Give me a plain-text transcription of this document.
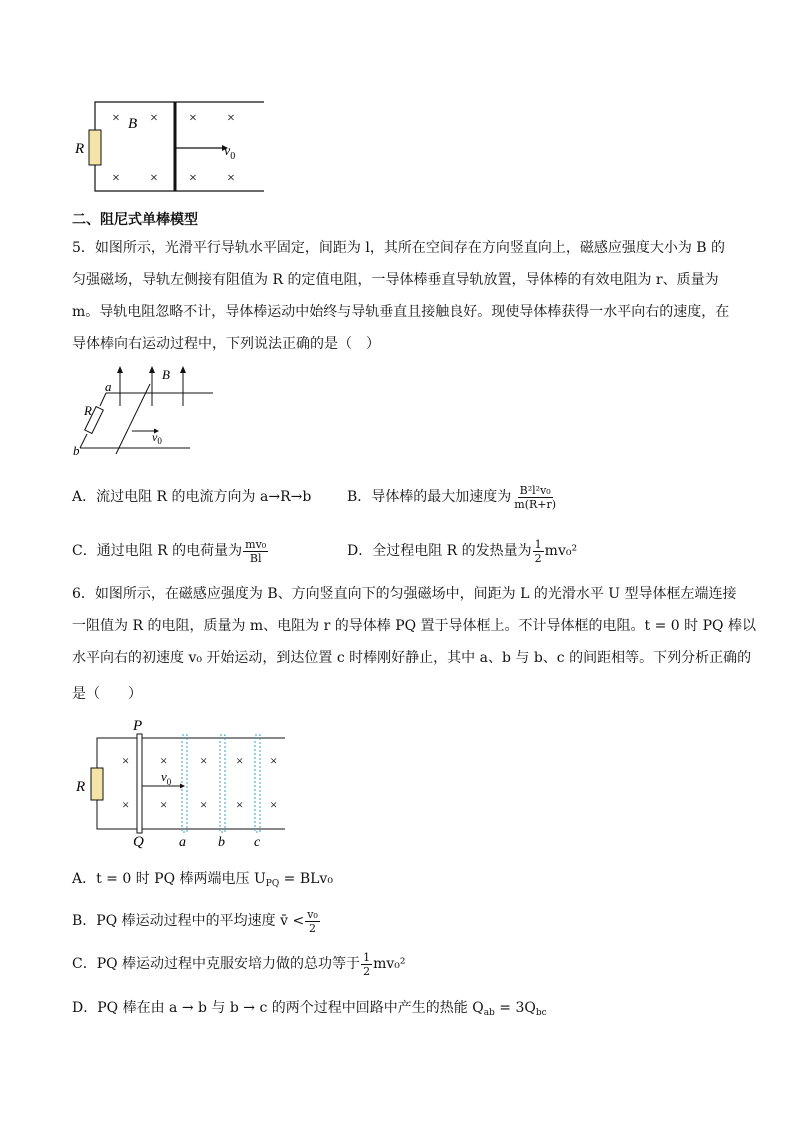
R
B
$v_0$
× × × ×
× × × ×
二、阻尼式单棒模型
5．如图所示，光滑平行导轨水平固定，间距为 l，其所在空间存在方向竖直向上，磁感应强度大小为 B 的
匀强磁场，导轨左侧接有阻值为 R 的定值电阻，一导体棒垂直导轨放置，导体棒的有效电阻为 r、质量为
m。导轨电阻忽略不计，导体棒运动中始终与导轨垂直且接触良好。现使导体棒获得一水平向右的速度，在
导体棒向右运动过程中，下列说法正确的是（　）
a
b
R
B
$v_0$
A．流过电阻 R 的电流方向为 a→R→b	B．导体棒的最大加速度为 $\frac{\text{B²l²v₀}}{m(R+r)}$
C．通过电阻 R 的电荷量为 $\frac{\text{mv₀}}{Bl}$	D．全过程电阻 R 的发热量为 $\frac{1}{2} mv_0^2$
6．如图所示，在磁感应强度为 B、方向竖直向下的匀强磁场中，间距为 L 的光滑水平 U 型导体框左端连接
一阻值为 R 的电阻，质量为 m、电阻为 r 的导体棒 PQ 置于导体框上。不计导体框的电阻。t = 0 时 PQ 棒以
水平向右的初速度 v₀ 开始运动，到达位置 c 时棒刚好静止，其中 a、b 与 b、c 的间距相等。下列分析正确的
是（　　）
R
P
Q
$v_0$
a b c
× ×	× × ×
× ×	× × ×
A．t = 0 时 PQ 棒两端电压 $U_{PQ} = BLv_0$
B．PQ 棒运动过程中的平均速度 v̄ < $\frac{\text{v₀}}{2}$
C．PQ 棒运动过程中克服安培力做的总功等于 $\frac{1}{2} mv_0^2$
D．PQ 棒在由 a → b 与 b → c 的两个过程中回路中产生的热能 $Q_{ab} = 3Q_{bc}$
